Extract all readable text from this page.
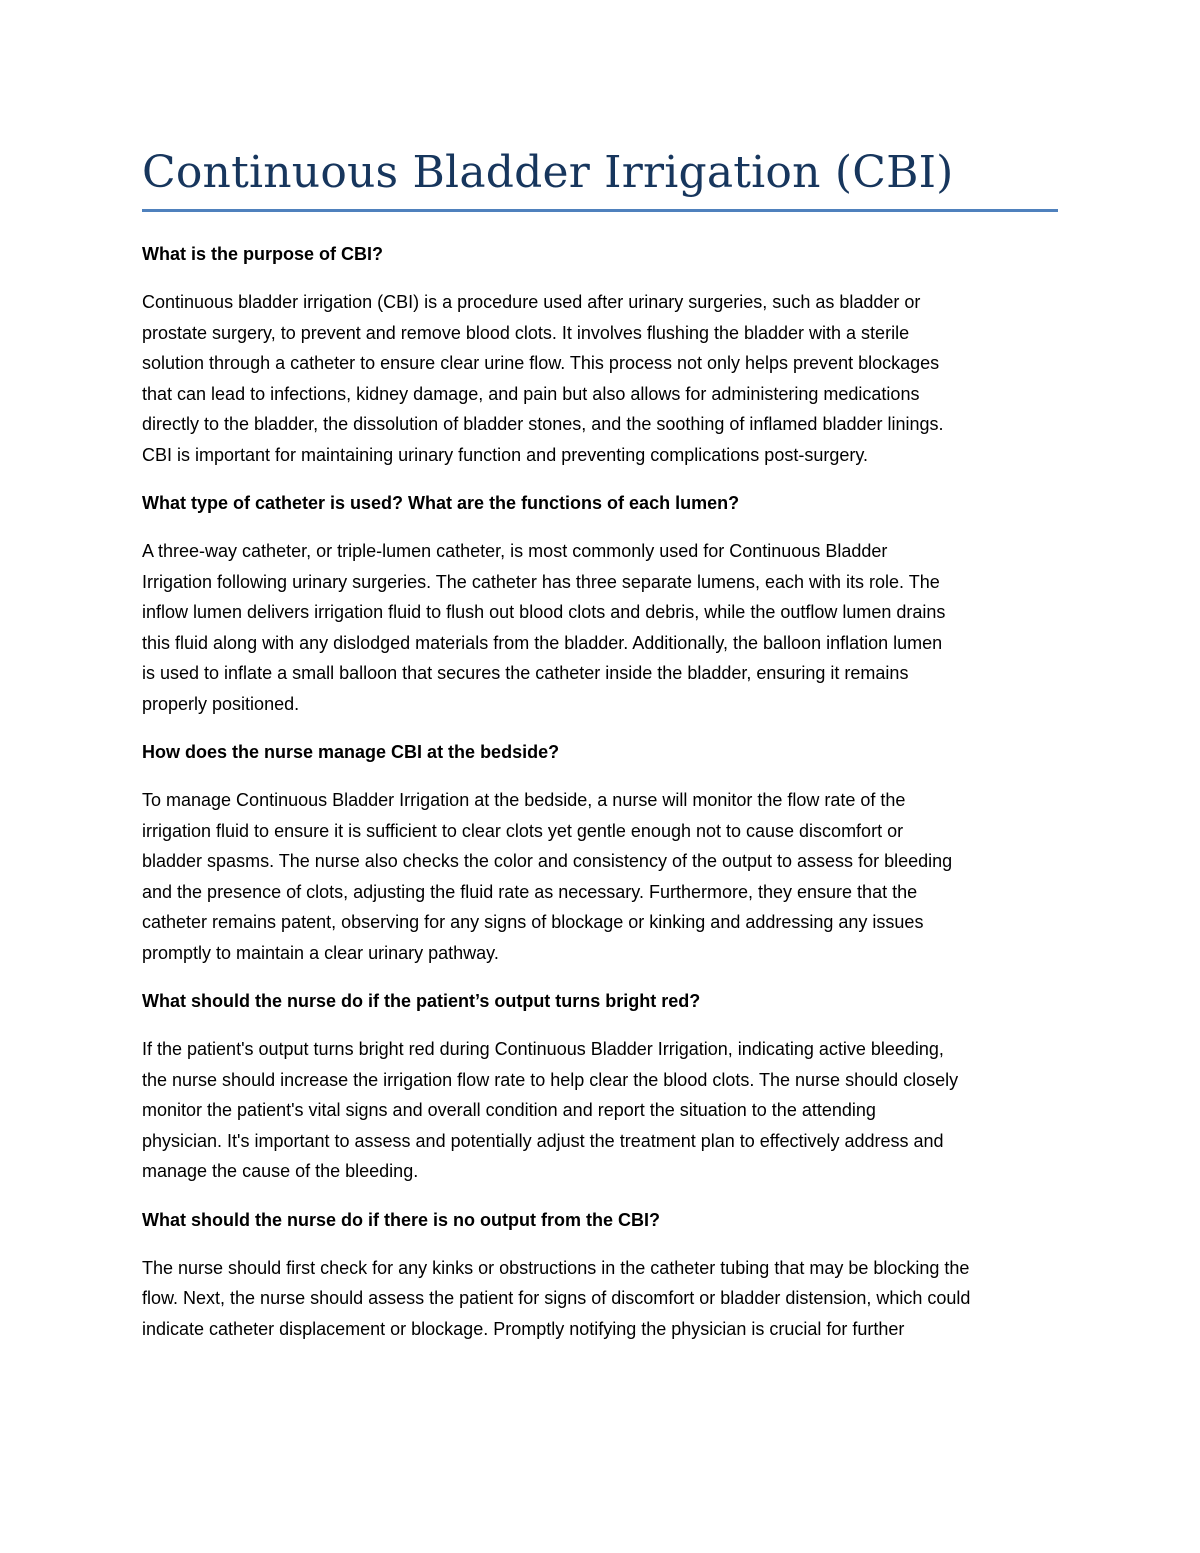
Continuous Bladder Irrigation (CBI)
What is the purpose of CBI?
Continuous bladder irrigation (CBI) is a procedure used after urinary surgeries, such as bladder or
prostate surgery, to prevent and remove blood clots. It involves flushing the bladder with a sterile
solution through a catheter to ensure clear urine flow. This process not only helps prevent blockages
that can lead to infections, kidney damage, and pain but also allows for administering medications
directly to the bladder, the dissolution of bladder stones, and the soothing of inflamed bladder linings.
CBI is important for maintaining urinary function and preventing complications post-surgery.
What type of catheter is used? What are the functions of each lumen?
A three-way catheter, or triple-lumen catheter, is most commonly used for Continuous Bladder
Irrigation following urinary surgeries. The catheter has three separate lumens, each with its role. The
inflow lumen delivers irrigation fluid to flush out blood clots and debris, while the outflow lumen drains
this fluid along with any dislodged materials from the bladder. Additionally, the balloon inflation lumen
is used to inflate a small balloon that secures the catheter inside the bladder, ensuring it remains
properly positioned.
How does the nurse manage CBI at the bedside?
To manage Continuous Bladder Irrigation at the bedside, a nurse will monitor the flow rate of the
irrigation fluid to ensure it is sufficient to clear clots yet gentle enough not to cause discomfort or
bladder spasms. The nurse also checks the color and consistency of the output to assess for bleeding
and the presence of clots, adjusting the fluid rate as necessary. Furthermore, they ensure that the
catheter remains patent, observing for any signs of blockage or kinking and addressing any issues
promptly to maintain a clear urinary pathway.
What should the nurse do if the patient’s output turns bright red?
If the patient's output turns bright red during Continuous Bladder Irrigation, indicating active bleeding,
the nurse should increase the irrigation flow rate to help clear the blood clots. The nurse should closely
monitor the patient's vital signs and overall condition and report the situation to the attending
physician. It's important to assess and potentially adjust the treatment plan to effectively address and
manage the cause of the bleeding.
What should the nurse do if there is no output from the CBI?
The nurse should first check for any kinks or obstructions in the catheter tubing that may be blocking the
flow. Next, the nurse should assess the patient for signs of discomfort or bladder distension, which could
indicate catheter displacement or blockage. Promptly notifying the physician is crucial for further
